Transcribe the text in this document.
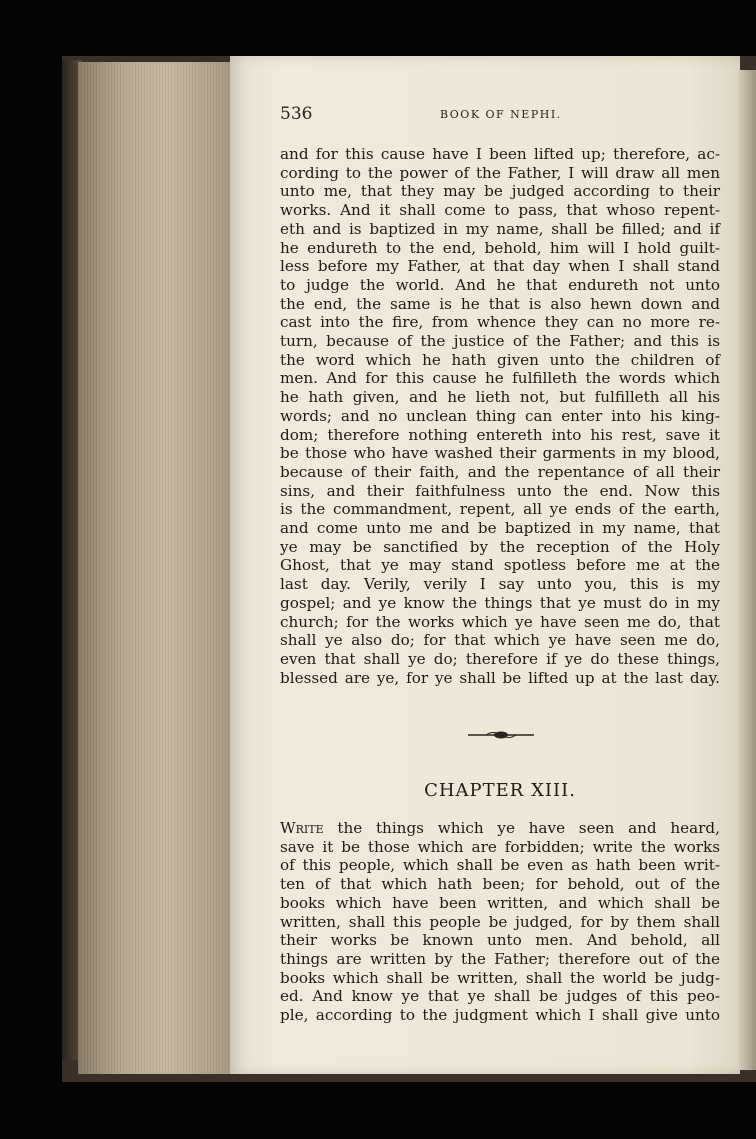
536	BOOK OF NEPHI.
and for this cause have I been lifted up; therefore, ac-
cording to the power of the Father, I will draw all men
unto me, that they may be judged according to their
works. And it shall come to pass, that whoso repent-
eth and is baptized in my name, shall be filled; and if
he endureth to the end, behold, him will I hold guilt-
less before my Father, at that day when I shall stand
to judge the world. And he that endureth not unto
the end, the same is he that is also hewn down and
cast into the fire, from whence they can no more re-
turn, because of the justice of the Father; and this is
the word which he hath given unto the children of
men. And for this cause he fulfilleth the words which
he hath given, and he lieth not, but fulfilleth all his
words; and no unclean thing can enter into his king-
dom; therefore nothing entereth into his rest, save it
be those who have washed their garments in my blood,
because of their faith, and the repentance of all their
sins, and their faithfulness unto the end. Now this
is the commandment, repent, all ye ends of the earth,
and come unto me and be baptized in my name, that
ye may be sanctified by the reception of the Holy
Ghost, that ye may stand spotless before me at the
last day. Verily, verily I say unto you, this is my
gospel; and ye know the things that ye must do in my
church; for the works which ye have seen me do, that
shall ye also do; for that which ye have seen me do,
even that shall ye do; therefore if ye do these things,
blessed are ye, for ye shall be lifted up at the last day.
CHAPTER XIII.
Write the things which ye have seen and heard,
save it be those which are forbidden; write the works
of this people, which shall be even as hath been writ-
ten of that which hath been; for behold, out of the
books which have been written, and which shall be
written, shall this people be judged, for by them shall
their works be known unto men. And behold, all
things are written by the Father; therefore out of the
books which shall be written, shall the world be judg-
ed. And know ye that ye shall be judges of this peo-
ple, according to the judgment which I shall give unto
